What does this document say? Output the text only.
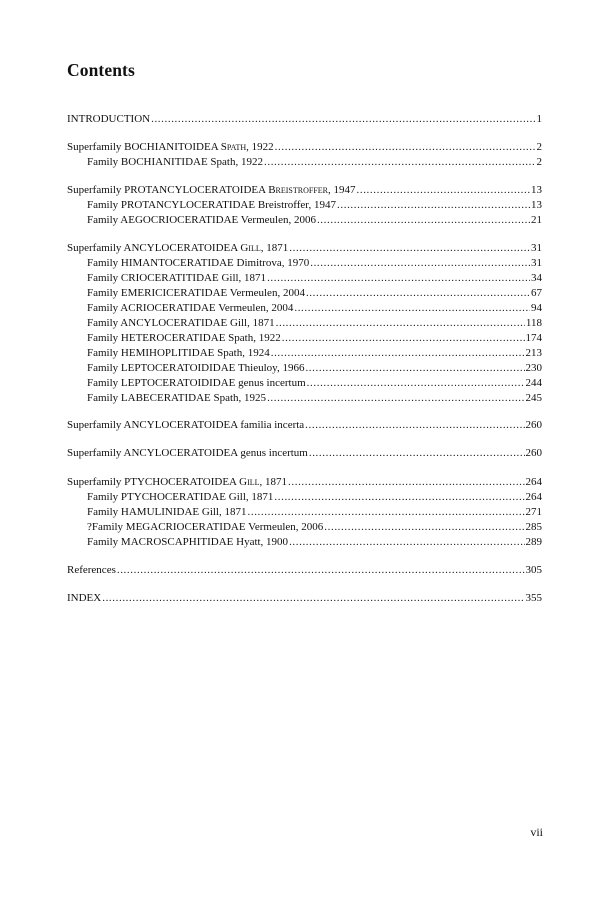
Contents
INTRODUCTION .....	1
Superfamily BOCHIANITOIDEA Spath, 1922 .....	2
Family BOCHIANITIDAE Spath, 1922 .....	2
Superfamily PROTANCYLOCERATOIDEA Breistroffer, 1947 .....	13
Family PROTANCYLOCERATIDAE Breistroffer, 1947 .....	13
Family AEGOCRIOCERATIDAE Vermeulen, 2006 .....	21
Superfamily ANCYLOCERATOIDEA Gill, 1871 .....	31
Family HIMANTOCERATIDAE Dimitrova, 1970 .....	31
Family CRIOCERATITIDAE Gill, 1871 .....	34
Family EMERICICERATIDAE Vermeulen, 2004 .....	67
Family ACRIOCERATIDAE Vermeulen, 2004 .....	94
Family ANCYLOCERATIDAE Gill, 1871 .....	118
Family HETEROCERATIDAE Spath, 1922 .....	174
Family HEMIHOPLITIDAE Spath, 1924 .....	213
Family LEPTOCERATOIDIDAE Thieuloy, 1966 .....	230
Family LEPTOCERATOIDIDAE genus incertum .....	244
Family LABECERATIDAE Spath, 1925 .....	245
Superfamily ANCYLOCERATOIDEA familia incerta .....	260
Superfamily ANCYLOCERATOIDEA genus incertum .....	260
Superfamily PTYCHOCERATOIDEA Gill, 1871 .....	264
Family PTYCHOCERATIDAE Gill, 1871 .....	264
Family HAMULINIDAE Gill, 1871 .....	271
?Family MEGACRIOCERATIDAE Vermeulen, 2006 .....	285
Family MACROSCAPHITIDAE Hyatt, 1900 .....	289
References .....	305
INDEX .....	355
vii
